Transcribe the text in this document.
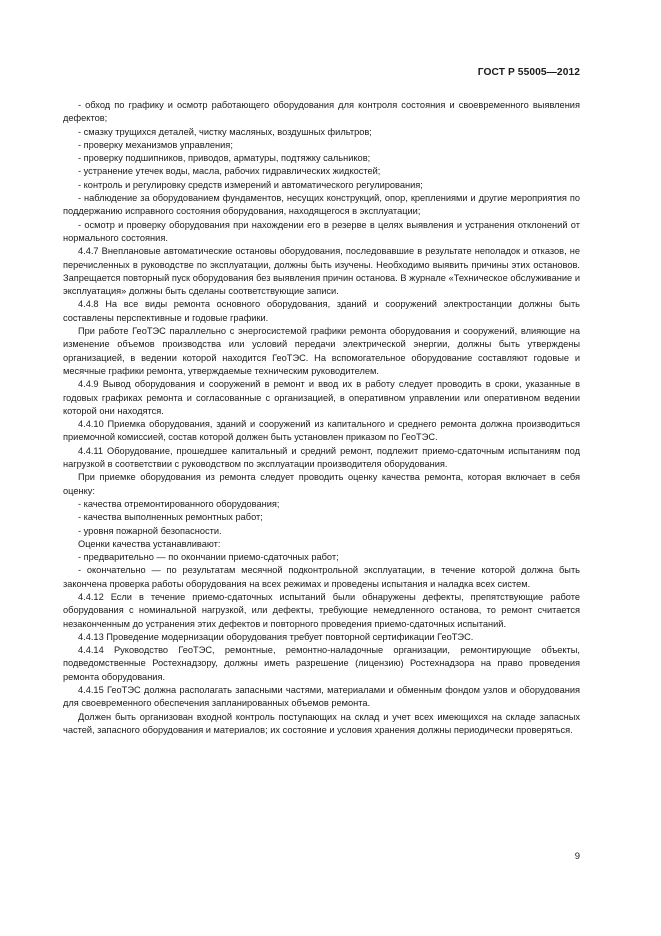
ГОСТ Р 55005—2012

- обход по графику и осмотр работающего оборудования для контроля состояния и своевременного выявления дефектов;

- смазку трущихся деталей, чистку масляных, воздушных фильтров;

- проверку механизмов управления;

- проверку подшипников, приводов, арматуры, подтяжку сальников;

- устранение утечек воды, масла, рабочих гидравлических жидкостей;

- контроль и регулировку средств измерений и автоматического регулирования;

- наблюдение за оборудованием фундаментов, несущих конструкций, опор, креплениями и другие мероприятия по поддержанию исправного состояния оборудования, находящегося в эксплуатации;

- осмотр и проверку оборудования при нахождении его в резерве в целях выявления и устранения отклонений от нормального состояния.

4.4.7 Внеплановые автоматические остановы оборудования, последовавшие в результате неполадок и отказов, не перечисленных в руководстве по эксплуатации, должны быть изучены. Необходимо выявить причины этих остановов. Запрещается повторный пуск оборудования без выявления причин останова. В журнале «Техническое обслуживание и эксплуатация» должны быть сделаны соответствующие записи.

4.4.8 На все виды ремонта основного оборудования, зданий и сооружений электростанции должны быть составлены перспективные и годовые графики.

При работе ГеоТЭС параллельно с энергосистемой графики ремонта оборудования и сооружений, влияющие на изменение объемов производства или условий передачи электрической энергии, должны быть утверждены организацией, в ведении которой находится ГеоТЭС. На вспомогательное оборудование составляют годовые и месячные графики ремонта, утверждаемые техническим руководителем.

4.4.9 Вывод оборудования и сооружений в ремонт и ввод их в работу следует проводить в сроки, указанные в годовых графиках ремонта и согласованные с организацией, в оперативном управлении или оперативном ведении которой они находятся.

4.4.10 Приемка оборудования, зданий и сооружений из капитального и среднего ремонта должна производиться приемочной комиссией, состав которой должен быть установлен приказом по ГеоТЭС.

4.4.11 Оборудование, прошедшее капитальный и средний ремонт, подлежит приемо-сдаточным испытаниям под нагрузкой в соответствии с руководством по эксплуатации производителя оборудования.

При приемке оборудования из ремонта следует проводить оценку качества ремонта, которая включает в себя оценку:

- качества отремонтированного оборудования;

- качества выполненных ремонтных работ;

- уровня пожарной безопасности.

Оценки качества устанавливают:

- предварительно — по окончании приемо-сдаточных работ;

- окончательно — по результатам месячной подконтрольной эксплуатации, в течение которой должна быть закончена проверка работы оборудования на всех режимах и проведены испытания и наладка всех систем.

4.4.12 Если в течение приемо-сдаточных испытаний были обнаружены дефекты, препятствующие работе оборудования с номинальной нагрузкой, или дефекты, требующие немедленного останова, то ремонт считается незаконченным до устранения этих дефектов и повторного проведения приемо-сдаточных испытаний.

4.4.13 Проведение модернизации оборудования требует повторной сертификации ГеоТЭС.

4.4.14 Руководство ГеоТЭС, ремонтные, ремонтно-наладочные организации, ремонтирующие объекты, подведомственные Ростехнадзору, должны иметь разрешение (лицензию) Ростехнадзора на право проведения ремонта оборудования.

4.4.15 ГеоТЭС должна располагать запасными частями, материалами и обменным фондом узлов и оборудования для своевременного обеспечения запланированных объемов ремонта.

Должен быть организован входной контроль поступающих на склад и учет всех имеющихся на складе запасных частей, запасного оборудования и материалов; их состояние и условия хранения должны периодически проверяться.

9
